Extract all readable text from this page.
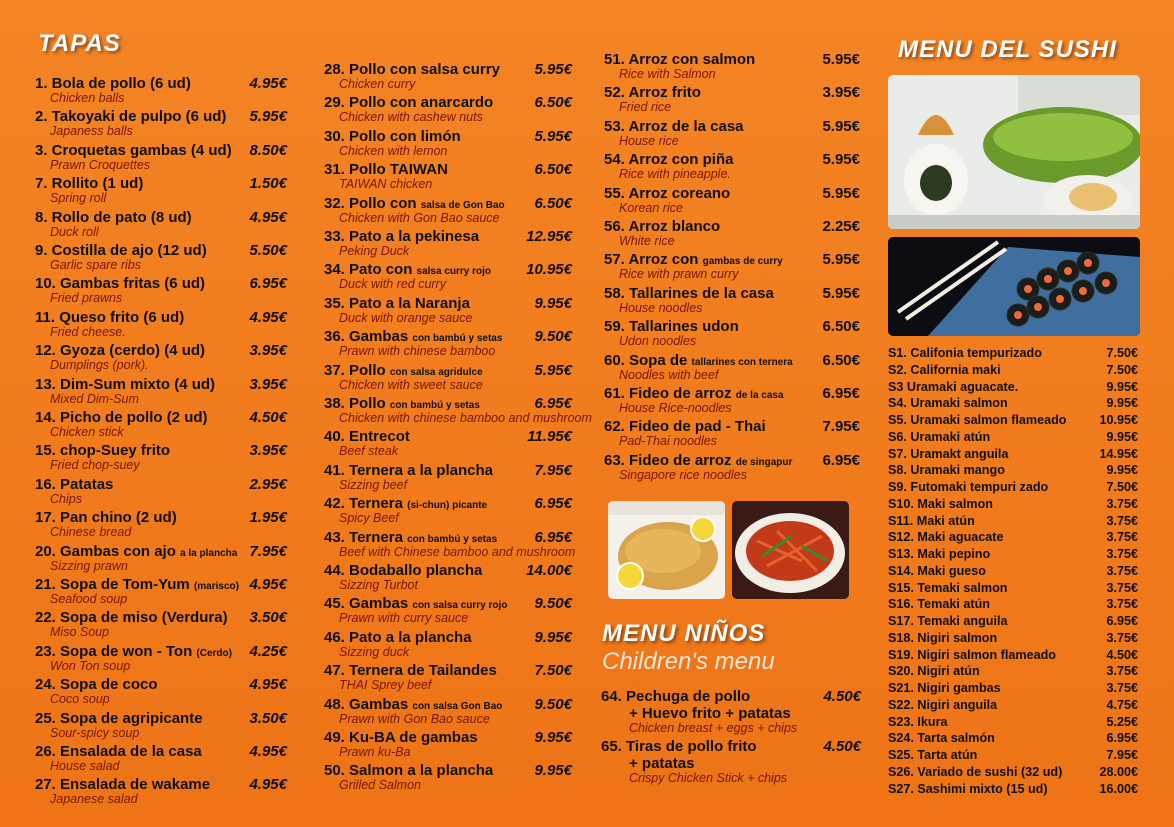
TAPAS	MENU DEL SUSHI
1. Bola de pollo (6 ud)	4.95€
Chicken balls
2. Takoyaki de pulpo (6 ud) 5.95€
Japaness balls
3. Croquetas gambas (4 ud) 8.50€
Prawn Croquettes
7. Rollito (1 ud)	1.50€
Spring roll
8. Rollo de pato (8 ud)	4.95€
Duck roll
9. Costilla de ajo (12 ud)	5.50€
Garlic spare ribs
10. Gambas fritas (6 ud)	6.95€
Fried prawns
11. Queso frito (6 ud)	4.95€
Fried cheese.
12. Gyoza (cerdo) (4 ud)	3.95€
Dumplings (pork).
13. Dim-Sum mixto (4 ud) 3.95€
Mixed Dim-Sum
14. Picho de pollo (2 ud)	4.50€
Chicken stick
15. chop-Suey frito	3.95€
Fried chop-suey
16. Patatas	2.95€
Chips
17. Pan chino (2 ud)	1.95€
Chinese bread
20. Gambas con ajo a la plancha 7.95€
Sizzing prawn
21. Sopa de Tom-Yum (marisco) 4.95€
Seafood soup
22. Sopa de miso (Verdura) 3.50€
Miso Soup
23. Sopa de won - Ton (Cerdo) 4.25€
Won Ton soup
24. Sopa de coco	4.95€
Coco soup
25. Sopa de agripicante	3.50€
Sour-spicy soup
26. Ensalada de la casa	4.95€
House salad
27. Ensalada de wakame	4.95€
Japanese salad
28. Pollo con salsa curry 5.95€
Chicken curry
29. Pollo con anarcardo	6.50€
Chicken with cashew nuts
30. Pollo con limón	5.95€
Chicken with lemon
31. Pollo TAIWAN	6.50€
TAIWAN chicken
32. Pollo con salsa de Gon Bao 6.50€
Chicken with Gon Bao sauce
33. Pato a la pekinesa	12.95€
Peking Duck
34. Pato con salsa curry rojo 10.95€
Duck with red curry
35. Pato a la Naranja	9.95€
Duck with orange sauce
36. Gambas con bambú y setas 9.50€
Prawn with chinese bamboo
37. Pollo con salsa agridulce	5.95€
Chicken with sweet sauce
38. Pollo con bambú y setas	6.95€
Chicken with chinese bamboo and mushroom
40. Entrecot	11.95€
Beef steak
41. Ternera a la plancha	7.95€
Sizzing beef
42. Ternera (si-chun) picante	6.95€
Spicy Beef
43. Ternera con bambú y setas 6.95€
Beef with Chinese bamboo and mushroom
44. Bodaballo plancha	14.00€
Sizzing Turbot
45. Gambas con salsa curry rojo 9.50€
Prawn with curry sauce
46. Pato a la plancha	9.95€
Sizzing duck
47. Ternera de Tailandes	7.50€
THAI Sprey beef
48. Gambas con salsa Gon Bao 9.50€
Prawn with Gon Bao sauce
49. Ku-BA de gambas	9.95€
Prawn ku-Ba
50. Salmon a la plancha	9.95€
Grilled Salmon
51. Arroz con salmon	5.95€
Rice with Salmon
52. Arroz frito	3.95€
Fried rice
53. Arroz de la casa	5.95€
House rice
54. Arroz con piña	5.95€
Rice with pineapple.
55. Arroz coreano	5.95€
Korean rice
56. Arroz blanco	2.25€
White rice
57. Arroz con gambas de curry	5.95€
Rice with prawn curry
58. Tallarines de la casa	5.95€
House noodles
59. Tallarines udon	6.50€
Udon noodles
60. Sopa de tallarines con ternera 6.50€
Noodles with beef
61. Fideo de arroz de la casa	6.95€
House Rice-noodles
62. Fideo de pad - Thai	7.95€
Pad-Thai noodles
63. Fideo de arroz de singapur 6.95€
Singapore rice noodles
MENU NIÑOS
Children's menu
64. Pechuga de pollo	4.50€
+ Huevo frito + patatas
Chicken breast + eggs + chips
65. Tiras de pollo frito	4.50€
+ patatas
Crispy Chicken Stick + chips
S1. Califonia tempurizado	7.50€
S2. California maki	7.50€
S3 Uramaki aguacate.	9.95€
S4. Uramaki salmon	9.95€
S5. Uramaki salmon flameado	10.95€
S6. Uramaki atún	9.95€
S7. Uramakt anguila	14.95€
S8. Uramaki mango	9.95€
S9. Futomaki tempuri zado	7.50€
S10. Maki salmon	3.75€
S11. Maki atún	3.75€
S12. Maki aguacate	3.75€
S13. Maki pepino	3.75€
S14. Maki gueso	3.75€
S15. Temaki salmon	3.75€
S16. Temaki atún	3.75€
S17. Temaki anguila	6.95€
S18. Nigiri salmon	3.75€
S19. Nigiri salmon flameado	4.50€
S20. Nigiri atún	3.75€
S21. Nigiri gambas	3.75€
S22. Nigiri anguila	4.75€
S23. Ikura	5.25€
S24. Tarta salmón	6.95€
S25. Tarta atún	7.95€
S26. Variado de sushi (32 ud)	28.00€
S27. Sashimi mixto (15 ud)	16.00€
